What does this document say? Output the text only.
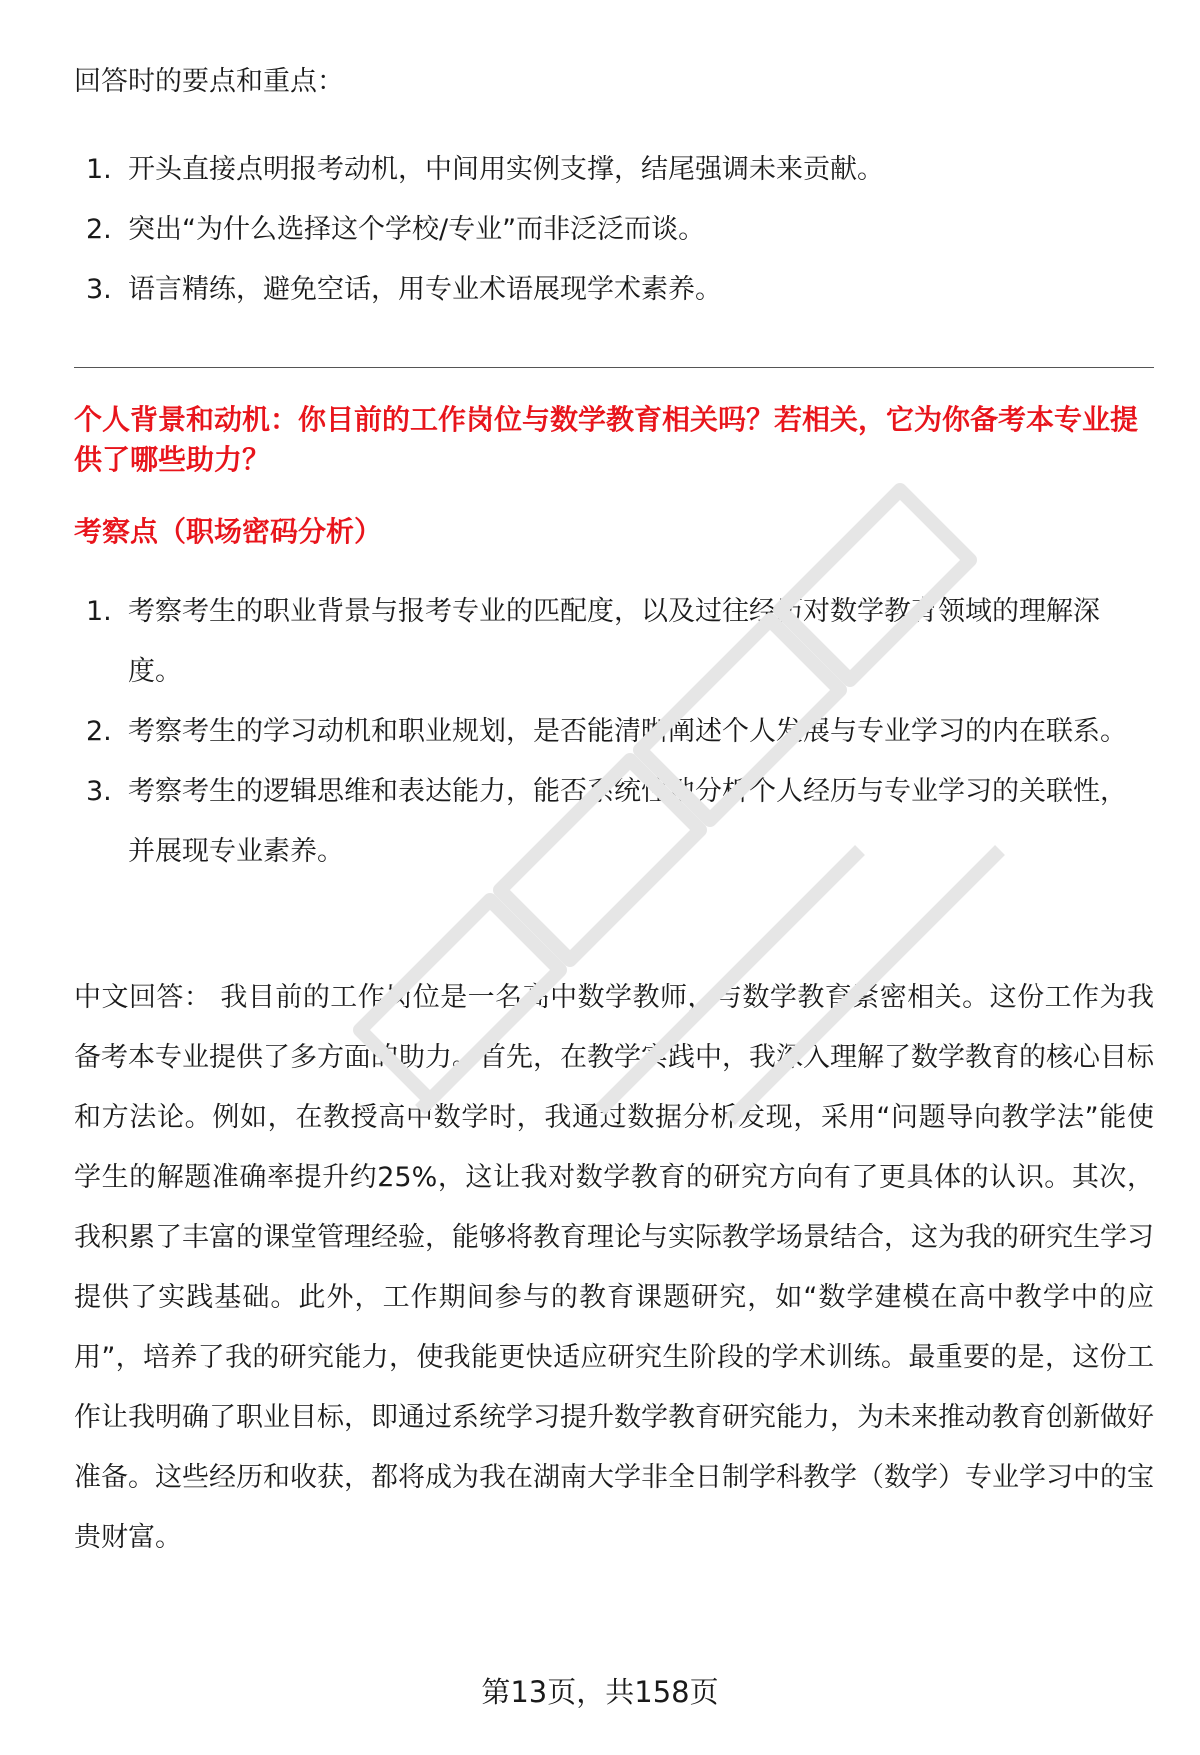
回答时的要点和重点：
1. 开头直接点明报考动机，中间用实例支撑，结尾强调未来贡献。
2. 突出“为什么选择这个学校/专业”而非泛泛而谈。
3. 语言精练，避免空话，用专业术语展现学术素养。
个人背景和动机：你目前的工作岗位与数学教育相关吗？若相关，它为你备考本专业提供了哪些助力？
考察点（职场密码分析）
1. 考察考生的职业背景与报考专业的匹配度，以及过往经历对数学教育领域的理解深度。
2. 考察考生的学习动机和职业规划，是否能清晰阐述个人发展与专业学习的内在联系。
3. 考察考生的逻辑思维和表达能力，能否系统性地分析个人经历与专业学习的关联性，并展现专业素养。
中文回答： 我目前的工作岗位是一名高中数学教师，与数学教育紧密相关。这份工作为我备考本专业提供了多方面的助力。首先，在教学实践中，我深入理解了数学教育的核心目标和方法论。例如，在教授高中数学时，我通过数据分析发现，采用“问题导向教学法”能使学生的解题准确率提升约25%，这让我对数学教育的研究方向有了更具体的认识。其次，我积累了丰富的课堂管理经验，能够将教育理论与实际教学场景结合，这为我的研究生学习提供了实践基础。此外，工作期间参与的教育课题研究，如“数学建模在高中教学中的应用”，培养了我的研究能力，使我能更快适应研究生阶段的学术训练。最重要的是，这份工作让我明确了职业目标，即通过系统学习提升数学教育研究能力，为未来推动教育创新做好准备。这些经历和收获，都将成为我在湖南大学非全日制学科教学（数学）专业学习中的宝贵财富。
第13页，共158页
